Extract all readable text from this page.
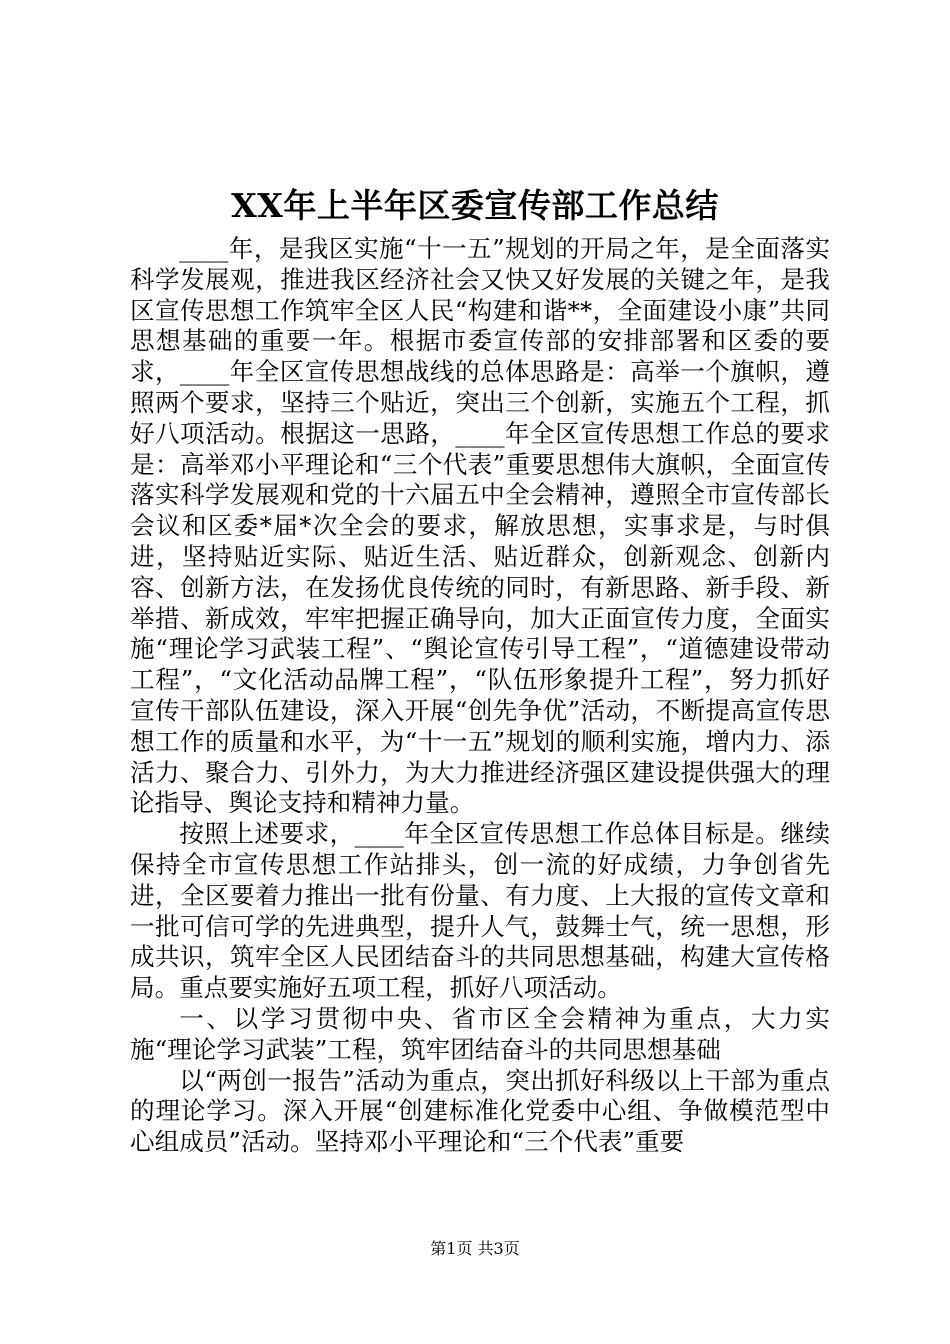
XX年上半年区委宣传部工作总结

____年，是我区实施“十一五”规划的开局之年，是全面落实科学发展观，推进我区经济社会又快又好发展的关键之年，是我区宣传思想工作筑牢全区人民“构建和谐**，全面建设小康”共同思想基础的重要一年。根据市委宣传部的安排部署和区委的要求，____年全区宣传思想战线的总体思路是：高举一个旗帜，遵照两个要求，坚持三个贴近，突出三个创新，实施五个工程，抓好八项活动。根据这一思路，____年全区宣传思想工作总的要求是：高举邓小平理论和“三个代表”重要思想伟大旗帜，全面宣传落实科学发展观和党的十六届五中全会精神，遵照全市宣传部长会议和区委*届*次全会的要求，解放思想，实事求是，与时俱进，坚持贴近实际、贴近生活、贴近群众，创新观念、创新内容、创新方法，在发扬优良传统的同时，有新思路、新手段、新举措、新成效，牢牢把握正确导向，加大正面宣传力度，全面实施“理论学习武装工程”、“舆论宣传引导工程”，“道德建设带动工程”，“文化活动品牌工程”，“队伍形象提升工程”，努力抓好宣传干部队伍建设，深入开展“创先争优”活动，不断提高宣传思想工作的质量和水平，为“十一五”规划的顺利实施，增内力、添活力、聚合力、引外力，为大力推进经济强区建设提供强大的理论指导、舆论支持和精神力量。

按照上述要求，____年全区宣传思想工作总体目标是。继续保持全市宣传思想工作站排头，创一流的好成绩，力争创省先进，全区要着力推出一批有份量、有力度、上大报的宣传文章和一批可信可学的先进典型，提升人气，鼓舞士气，统一思想，形成共识，筑牢全区人民团结奋斗的共同思想基础，构建大宣传格局。重点要实施好五项工程，抓好八项活动。

一、以学习贯彻中央、省市区全会精神为重点，大力实施“理论学习武装”工程，筑牢团结奋斗的共同思想基础

以“两创一报告”活动为重点，突出抓好科级以上干部为重点的理论学习。深入开展“创建标准化党委中心组、争做模范型中心组成员”活动。坚持邓小平理论和“三个代表”重要

第1页 共3页
